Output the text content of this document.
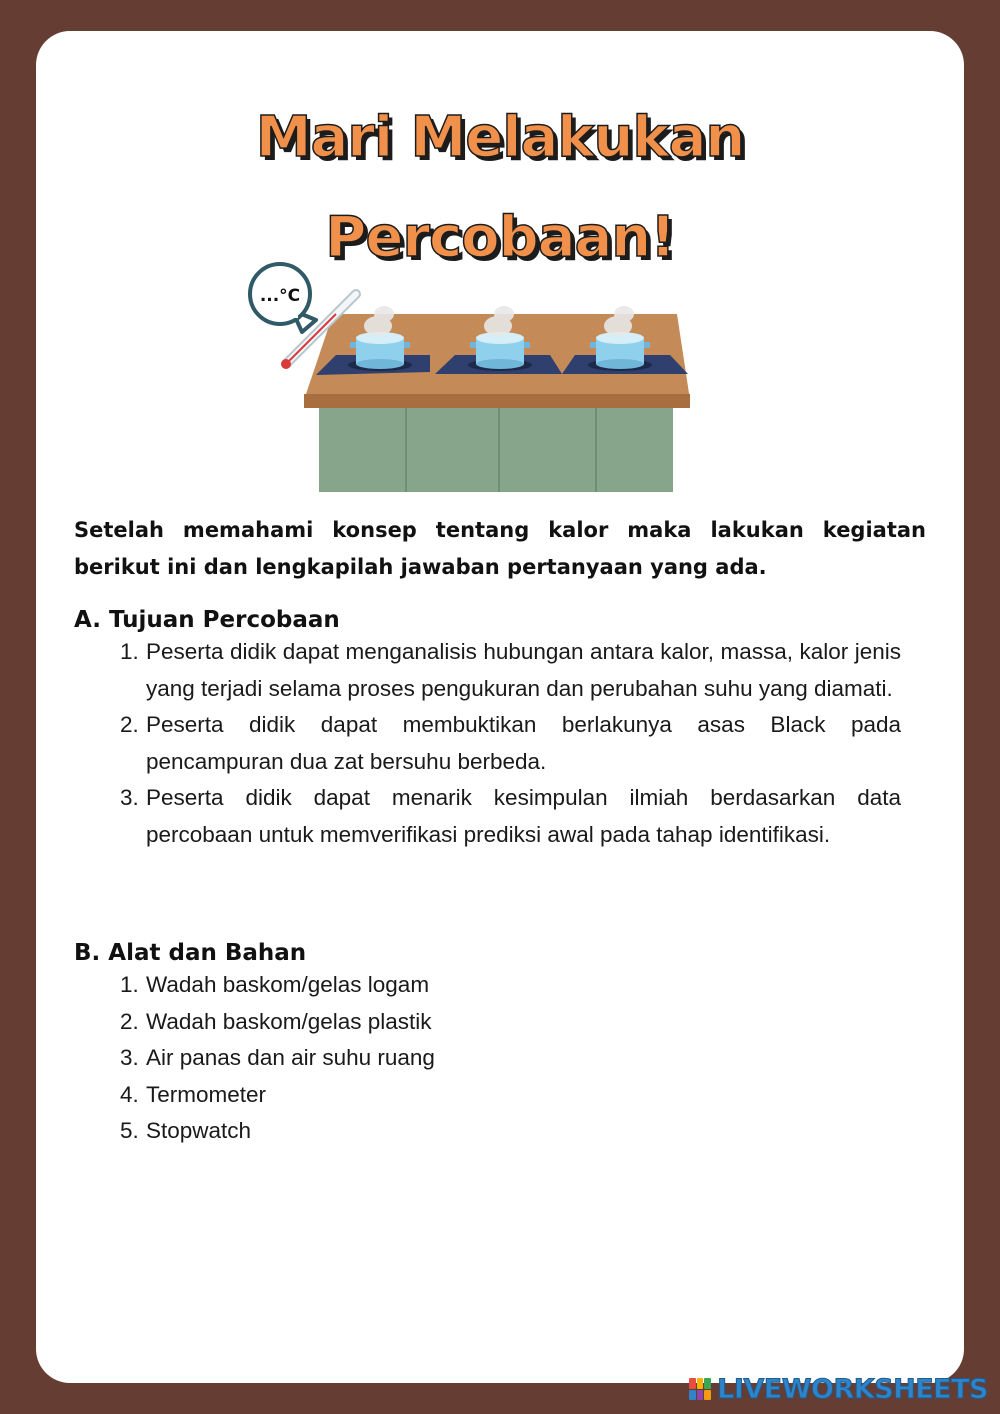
Mari Melakukan
Percobaan!
...°C

Setelah memahami konsep tentang kalor maka lakukan kegiatan berikut ini dan lengkapilah jawaban pertanyaan yang ada.

A. Tujuan Percobaan
1. Peserta didik dapat menganalisis hubungan antara kalor, massa, kalor jenis yang terjadi selama proses pengukuran dan perubahan suhu yang diamati.
2. Peserta didik dapat membuktikan berlakunya asas Black pada pencampuran dua zat bersuhu berbeda.
3. Peserta didik dapat menarik kesimpulan ilmiah berdasarkan data percobaan untuk memverifikasi prediksi awal pada tahap identifikasi.
B. Alat dan Bahan
1. Wadah baskom/gelas logam
2. Wadah baskom/gelas plastik
3. Air panas dan air suhu ruang
4. Termometer
5. Stopwatch
LIVEWORKSHEETS
